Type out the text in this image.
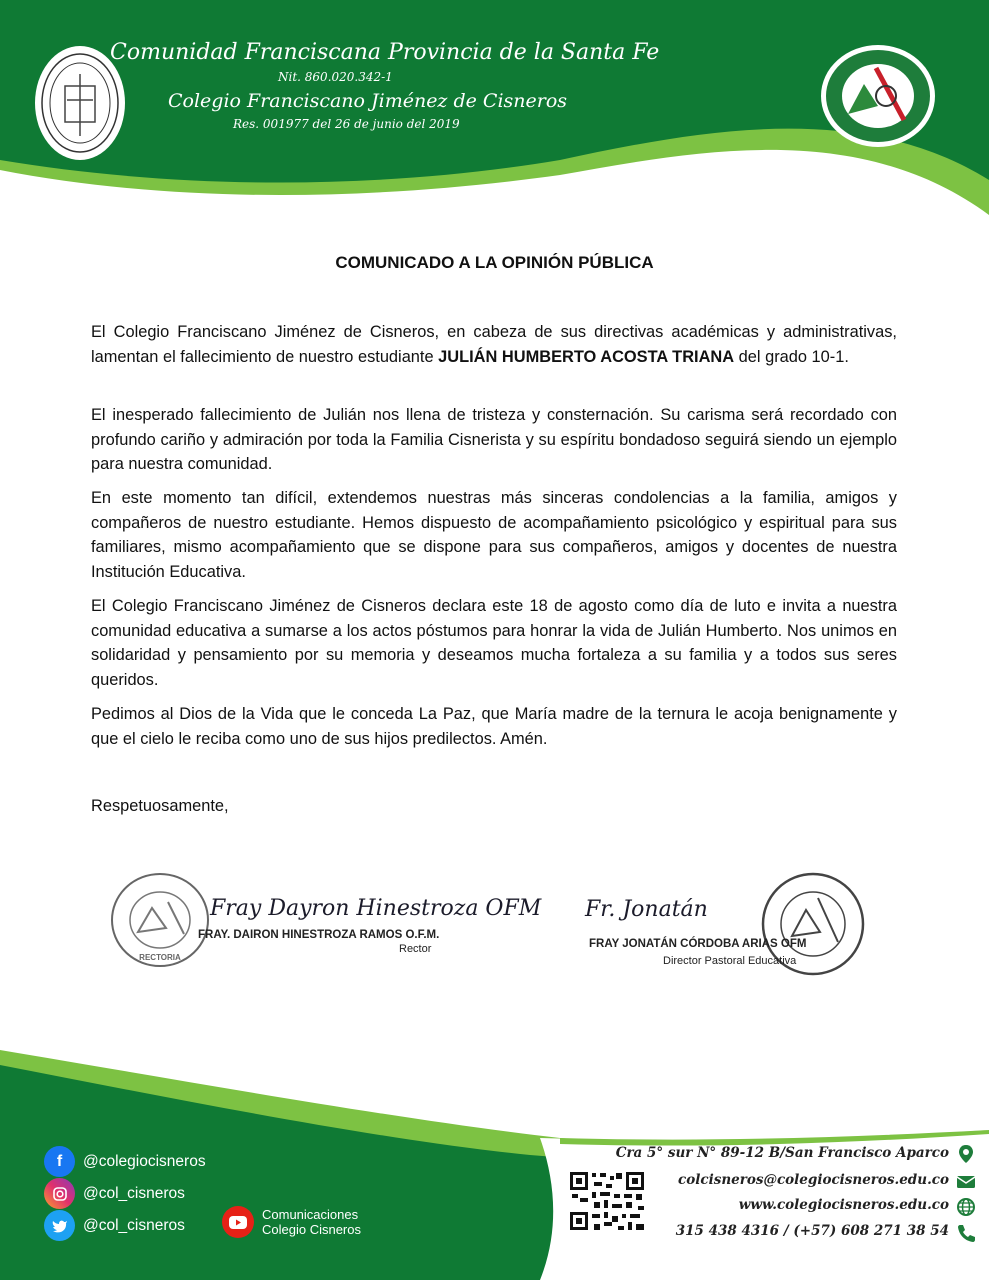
Comunidad Franciscana Provincia de la Santa Fe
Nit. 860.020.342-1
Colegio Franciscano Jiménez de Cisneros
Res. 001977 del 26 de junio del 2019
COMUNICADO A LA OPINIÓN PÚBLICA

El Colegio Franciscano Jiménez de Cisneros, en cabeza de sus directivas académicas y administrativas, lamentan el fallecimiento de nuestro estudiante JULIÁN HUMBERTO ACOSTA TRIANA del grado 10-1.

El inesperado fallecimiento de Julián nos llena de tristeza y consternación. Su carisma será recordado con profundo cariño y admiración por toda la Familia Cisnerista y su espíritu bondadoso seguirá siendo un ejemplo para nuestra comunidad.

En este momento tan difícil, extendemos nuestras más sinceras condolencias a la familia, amigos y compañeros de nuestro estudiante. Hemos dispuesto de acompañamiento psicológico y espiritual para sus familiares, mismo acompañamiento que se dispone para sus compañeros, amigos y docentes de nuestra Institución Educativa.

El Colegio Franciscano Jiménez de Cisneros declara este 18 de agosto como día de luto e invita a nuestra comunidad educativa a sumarse a los actos póstumos para honrar la vida de Julián Humberto. Nos unimos en solidaridad y pensamiento por su memoria y deseamos mucha fortaleza a su familia y a todos sus seres queridos.

Pedimos al Dios de la Vida que le conceda La Paz, que María madre de la ternura le acoja benignamente y que el cielo le reciba como uno de sus hijos predilectos. Amén.

Respetuosamente,
RECTORIA
Fray Dayron Hinestroza OFM
FRAY. DAIRON HINESTROZA RAMOS O.F.M.
Rector
Fr. Jonatán
FRAY JONATÁN CÓRDOBA ARIAS OFM
Director Pastoral Educativa
f	@colegiocisneros
@col_cisneros
@col_cisneros
Comunicaciones
Colegio Cisneros
Cra 5° sur N° 89-12 B/San Francisco Aparco
colcisneros@colegiocisneros.edu.co
www.colegiocisneros.edu.co
315 438 4316 / (+57) 608 271 38 54
